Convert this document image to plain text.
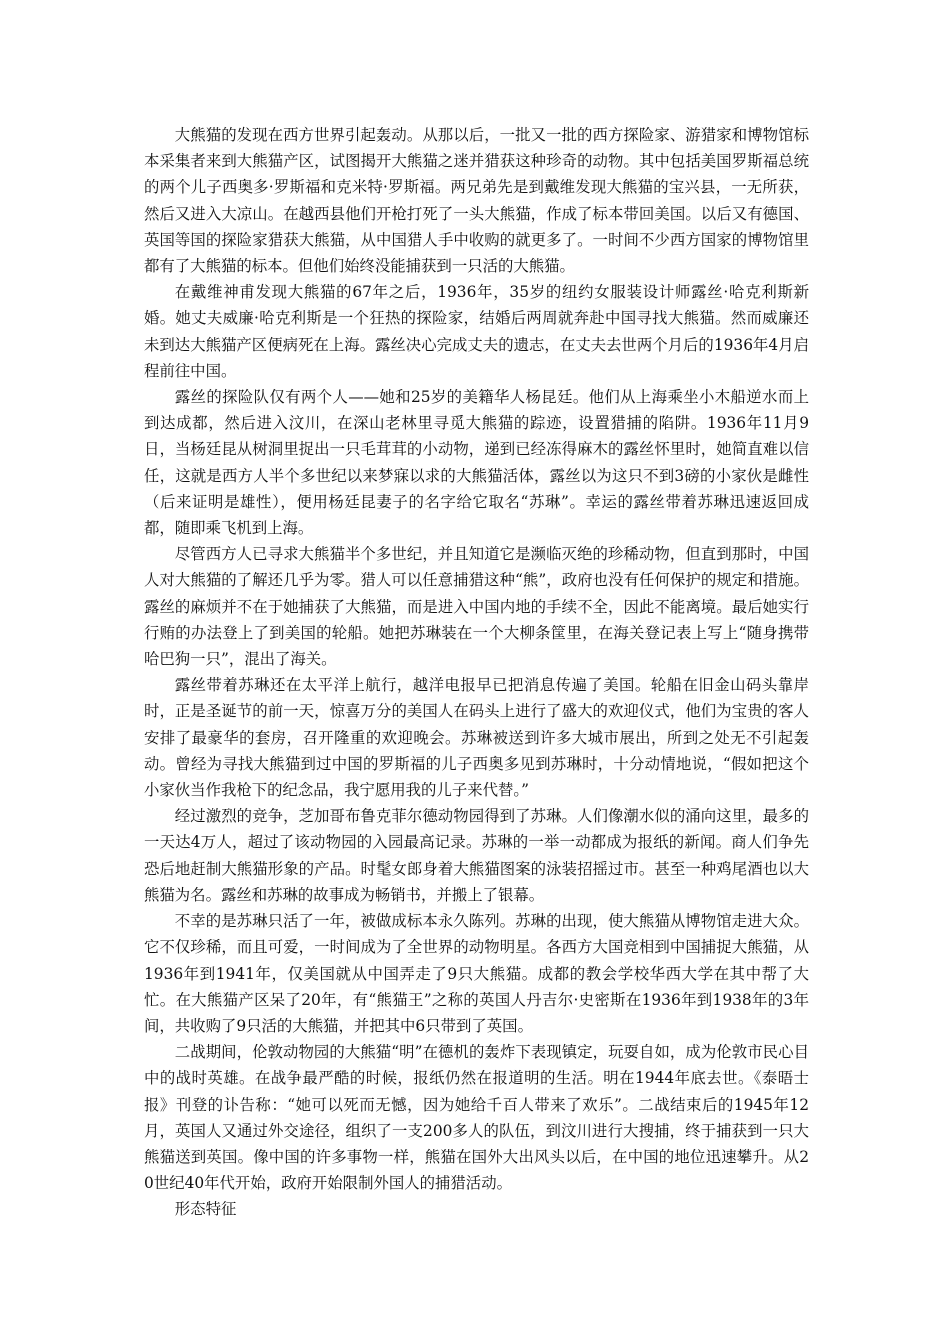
大熊猫的发现在西方世界引起轰动。从那以后，一批又一批的西方探险家、游猎家和博物馆标本采集者来到大熊猫产区，试图揭开大熊猫之迷并猎获这种珍奇的动物。其中包括美国罗斯福总统的两个儿子西奥多·罗斯福和克米特·罗斯福。两兄弟先是到戴维发现大熊猫的宝兴县，一无所获，然后又进入大凉山。在越西县他们开枪打死了一头大熊猫，作成了标本带回美国。以后又有德国、英国等国的探险家猎获大熊猫，从中国猎人手中收购的就更多了。一时间不少西方国家的博物馆里都有了大熊猫的标本。但他们始终没能捕获到一只活的大熊猫。

在戴维神甫发现大熊猫的67年之后，1936年，35岁的纽约女服装设计师露丝·哈克利斯新婚。她丈夫威廉·哈克利斯是一个狂热的探险家，结婚后两周就奔赴中国寻找大熊猫。然而威廉还未到达大熊猫产区便病死在上海。露丝决心完成丈夫的遗志，在丈夫去世两个月后的1936年4月启程前往中国。

露丝的探险队仅有两个人——她和25岁的美籍华人杨昆廷。他们从上海乘坐小木船逆水而上到达成都，然后进入汶川，在深山老林里寻觅大熊猫的踪迹，设置猎捕的陷阱。1936年11月9日，当杨廷昆从树洞里捉出一只毛茸茸的小动物，递到已经冻得麻木的露丝怀里时，她简直难以信任，这就是西方人半个多世纪以来梦寐以求的大熊猫活体，露丝以为这只不到3磅的小家伙是雌性（后来证明是雄性），便用杨廷昆妻子的名字给它取名“苏琳”。幸运的露丝带着苏琳迅速返回成都，随即乘飞机到上海。

尽管西方人已寻求大熊猫半个多世纪，并且知道它是濒临灭绝的珍稀动物，但直到那时，中国人对大熊猫的了解还几乎为零。猎人可以任意捕猎这种“熊”，政府也没有任何保护的规定和措施。露丝的麻烦并不在于她捕获了大熊猫，而是进入中国内地的手续不全，因此不能离境。最后她实行行贿的办法登上了到美国的轮船。她把苏琳装在一个大柳条筐里，在海关登记表上写上“随身携带哈巴狗一只”，混出了海关。

露丝带着苏琳还在太平洋上航行，越洋电报早已把消息传遍了美国。轮船在旧金山码头靠岸时，正是圣诞节的前一天，惊喜万分的美国人在码头上进行了盛大的欢迎仪式，他们为宝贵的客人安排了最豪华的套房，召开隆重的欢迎晚会。苏琳被送到许多大城市展出，所到之处无不引起轰动。曾经为寻找大熊猫到过中国的罗斯福的儿子西奥多见到苏琳时，十分动情地说，“假如把这个小家伙当作我枪下的纪念品，我宁愿用我的儿子来代替。”

经过激烈的竞争，芝加哥布鲁克菲尔德动物园得到了苏琳。人们像潮水似的涌向这里，最多的一天达4万人，超过了该动物园的入园最高记录。苏琳的一举一动都成为报纸的新闻。商人们争先恐后地赶制大熊猫形象的产品。时髦女郎身着大熊猫图案的泳装招摇过市。甚至一种鸡尾酒也以大熊猫为名。露丝和苏琳的故事成为畅销书，并搬上了银幕。

不幸的是苏琳只活了一年，被做成标本永久陈列。苏琳的出现，使大熊猫从博物馆走进大众。它不仅珍稀，而且可爱，一时间成为了全世界的动物明星。各西方大国竞相到中国捕捉大熊猫，从1936年到1941年，仅美国就从中国弄走了9只大熊猫。成都的教会学校华西大学在其中帮了大忙。在大熊猫产区呆了20年，有“熊猫王”之称的英国人丹吉尔·史密斯在1936年到1938年的3年间，共收购了9只活的大熊猫，并把其中6只带到了英国。

二战期间，伦敦动物园的大熊猫“明”在德机的轰炸下表现镇定，玩耍自如，成为伦敦市民心目中的战时英雄。在战争最严酷的时候，报纸仍然在报道明的生活。明在1944年底去世。《泰晤士报》刊登的讣告称：“她可以死而无憾，因为她给千百人带来了欢乐”。二战结束后的1945年12月，英国人又通过外交途径，组织了一支200多人的队伍，到汶川进行大搜捕，终于捕获到一只大熊猫送到英国。像中国的许多事物一样，熊猫在国外大出风头以后，在中国的地位迅速攀升。从20世纪40年代开始，政府开始限制外国人的捕猎活动。

形态特征
